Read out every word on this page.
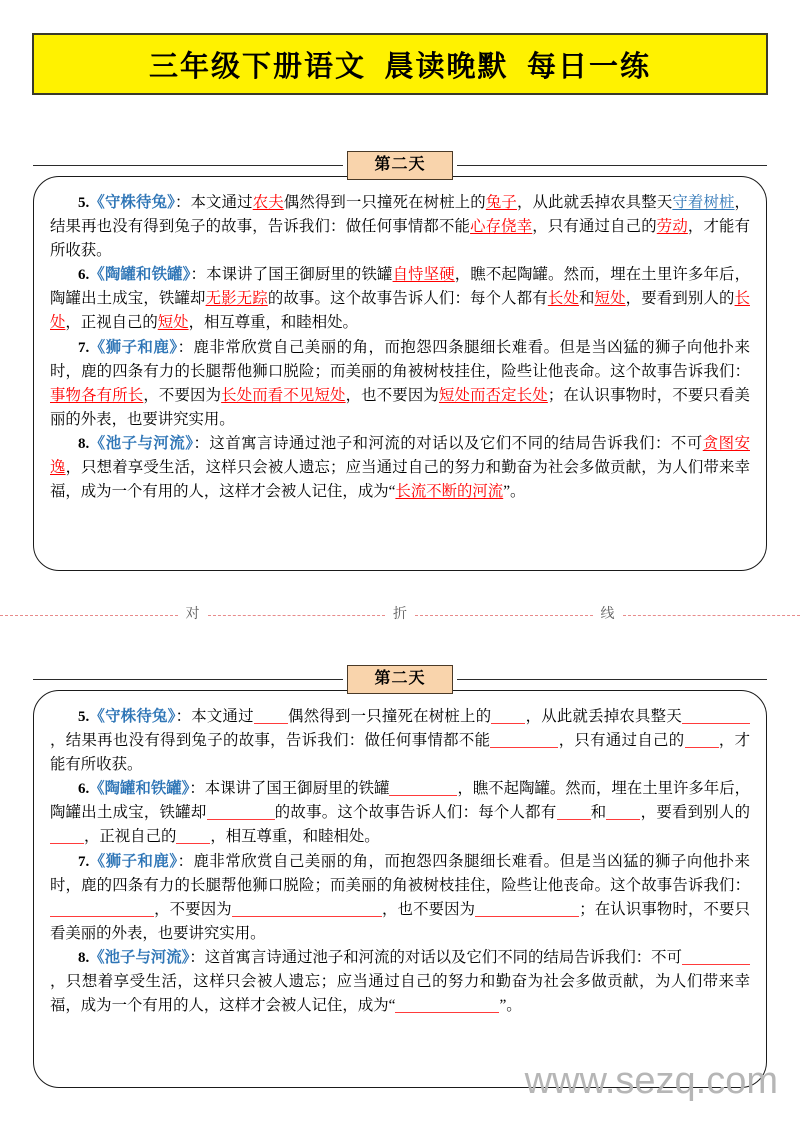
三年级下册语文  晨读晚默  每日一练
第二天

5.《守株待兔》：本文通过农夫偶然得到一只撞死在树桩上的兔子，从此就丢掉农具整天守着树桩，结果再也没有得到兔子的故事，告诉我们：做任何事情都不能心存侥幸，只有通过自己的劳动，才能有所收获。

6.《陶罐和铁罐》：本课讲了国王御厨里的铁罐自恃坚硬，瞧不起陶罐。然而，埋在土里许多年后，陶罐出土成宝，铁罐却无影无踪的故事。这个故事告诉人们：每个人都有长处和短处，要看到别人的长处，正视自己的短处，相互尊重，和睦相处。

7.《狮子和鹿》：鹿非常欣赏自己美丽的角，而抱怨四条腿细长难看。但是当凶猛的狮子向他扑来时，鹿的四条有力的长腿帮他狮口脱险；而美丽的角被树枝挂住，险些让他丧命。这个故事告诉我们：事物各有所长，不要因为长处而看不见短处，也不要因为短处而否定长处；在认识事物时，不要只看美丽的外表，也要讲究实用。

8.《池子与河流》：这首寓言诗通过池子和河流的对话以及它们不同的结局告诉我们：不可贪图安逸，只想着享受生活，这样只会被人遗忘；应当通过自己的努力和勤奋为社会多做贡献，为人们带来幸福，成为一个有用的人，这样才会被人记住，成为“长流不断的河流”。

对	折	线
第二天

5.《守株待兔》：本文通过 偶然得到一只撞死在树桩上的 ，从此就丢掉农具整天，结果再也没有得到兔子的故事，告诉我们：做任何事情都不能	，只有通过自己的 ，才能有所收获。

6.《陶罐和铁罐》：本课讲了国王御厨里的铁罐	，瞧不起陶罐。然而，埋在土里许多年后，陶罐出土成宝，铁罐却	的故事。这个故事告诉人们：每个人都有 和 ，要看到别人的，正视自己的 ，相互尊重，和睦相处。

7.《狮子和鹿》：鹿非常欣赏自己美丽的角，而抱怨四条腿细长难看。但是当凶猛的狮子向他扑来时，鹿的四条有力的长腿帮他狮口脱险；而美丽的角被树枝挂住，险些让他丧命。这个故事告诉我们：，不要因为	，也不要因为	；在认识事物时，不要只看美丽的外表，也要讲究实用。

8.《池子与河流》：这首寓言诗通过池子和河流的对话以及它们不同的结局告诉我们：不可，只想着享受生活，这样只会被人遗忘；应当通过自己的努力和勤奋为社会多做贡献，为人们带来幸福，成为一个有用的人，这样才会被人记住，成为“	”。

www.sezq.com
